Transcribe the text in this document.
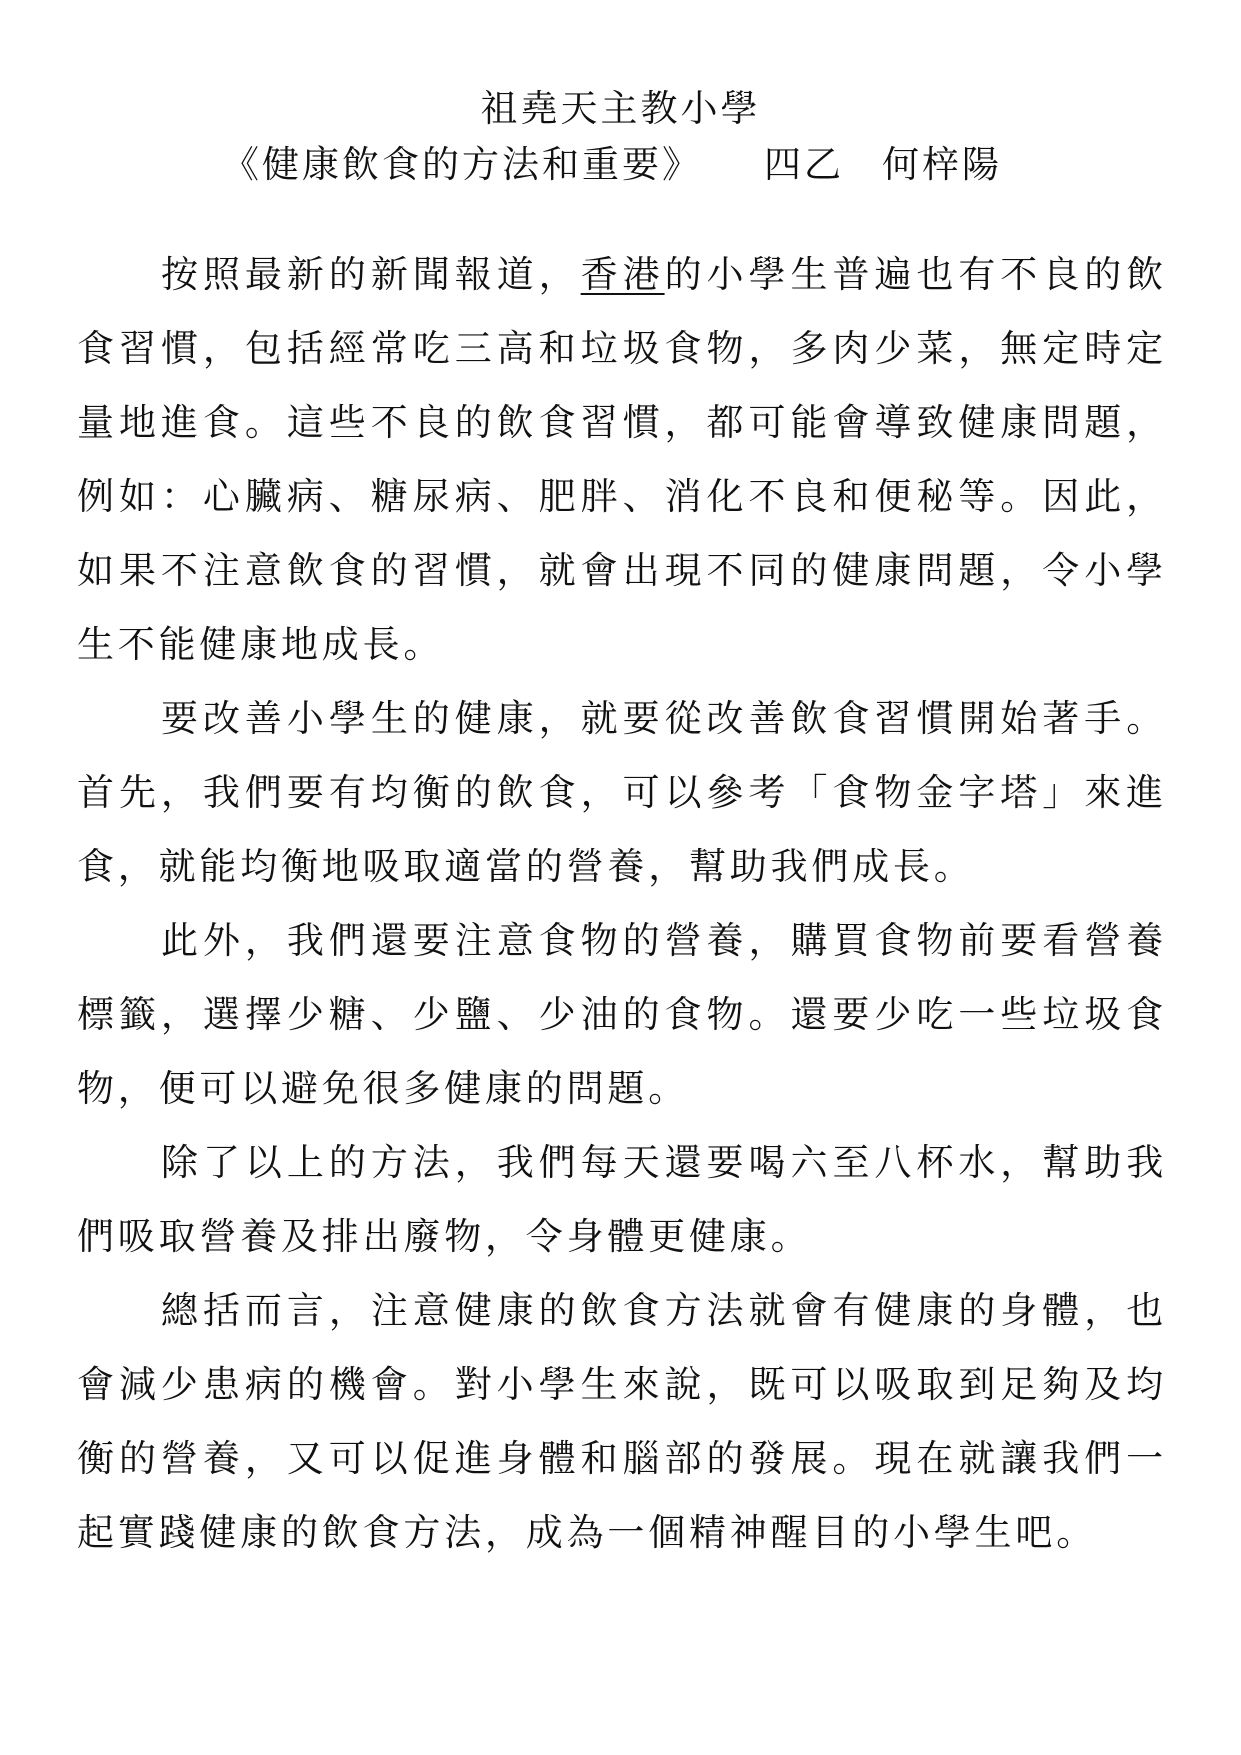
祖堯天主教小學
《健康飲食的方法和重要》 四乙 何梓陽

按照最新的新聞報道，香港的小學生普遍也有不良的飲食習慣，包括經常吃三高和垃圾食物，多肉少菜，無定時定量地進食。這些不良的飲食習慣，都可能會導致健康問題，例如：心臟病、糖尿病、肥胖、消化不良和便秘等。因此，如果不注意飲食的習慣，就會出現不同的健康問題，令小學生不能健康地成長。

要改善小學生的健康，就要從改善飲食習慣開始著手。首先，我們要有均衡的飲食，可以參考「食物金字塔」來進食，就能均衡地吸取適當的營養，幫助我們成長。

此外，我們還要注意食物的營養，購買食物前要看營養標籤，選擇少糖、少鹽、少油的食物。還要少吃一些垃圾食物，便可以避免很多健康的問題。

除了以上的方法，我們每天還要喝六至八杯水，幫助我們吸取營養及排出廢物，令身體更健康。

總括而言，注意健康的飲食方法就會有健康的身體，也會減少患病的機會。對小學生來說，既可以吸取到足夠及均衡的營養，又可以促進身體和腦部的發展。現在就讓我們一起實踐健康的飲食方法，成為一個精神醒目的小學生吧。
